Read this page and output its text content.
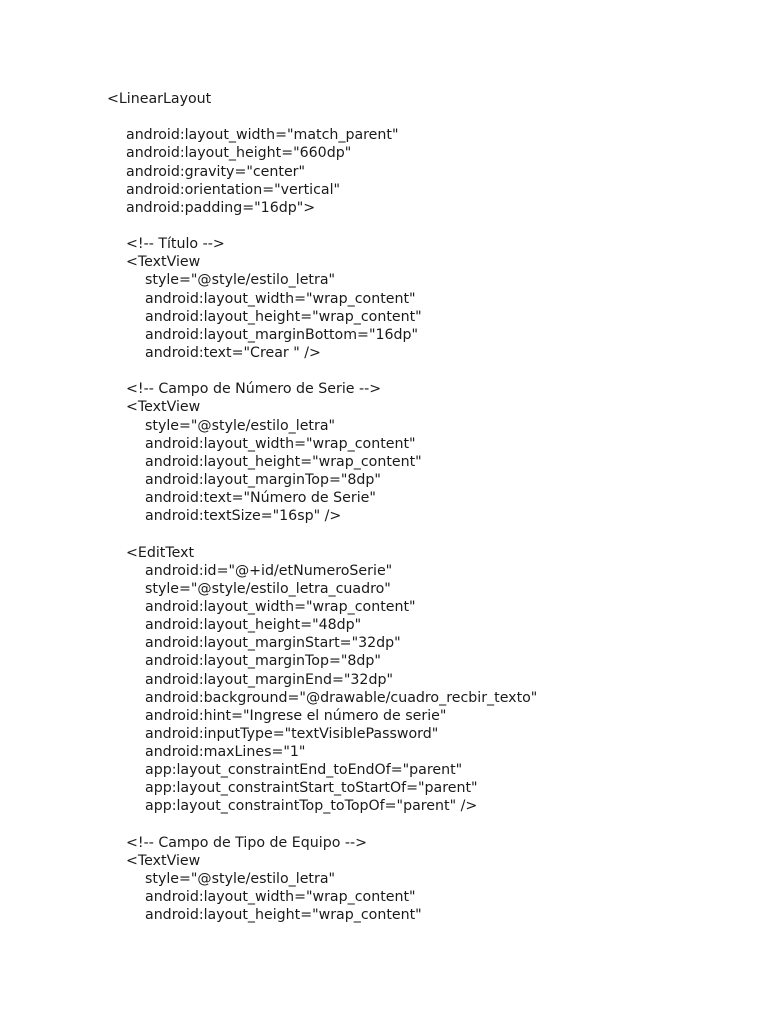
<LinearLayout
android:layout_width="match_parent"
android:layout_height="660dp"
android:gravity="center"
android:orientation="vertical"
android:padding="16dp">
<!-- Título -->
<TextView
style="@style/estilo_letra"
android:layout_width="wrap_content"
android:layout_height="wrap_content"
android:layout_marginBottom="16dp"
android:text="Crear " />
<!-- Campo de Número de Serie -->
<TextView
style="@style/estilo_letra"
android:layout_width="wrap_content"
android:layout_height="wrap_content"
android:layout_marginTop="8dp"
android:text="Número de Serie"
android:textSize="16sp" />
<EditText
android:id="@+id/etNumeroSerie"
style="@style/estilo_letra_cuadro"
android:layout_width="wrap_content"
android:layout_height="48dp"
android:layout_marginStart="32dp"
android:layout_marginTop="8dp"
android:layout_marginEnd="32dp"
android:background="@drawable/cuadro_recbir_texto"
android:hint="Ingrese el número de serie"
android:inputType="textVisiblePassword"
android:maxLines="1"
app:layout_constraintEnd_toEndOf="parent"
app:layout_constraintStart_toStartOf="parent"
app:layout_constraintTop_toTopOf="parent" />
<!-- Campo de Tipo de Equipo -->
<TextView
style="@style/estilo_letra"
android:layout_width="wrap_content"
android:layout_height="wrap_content"
